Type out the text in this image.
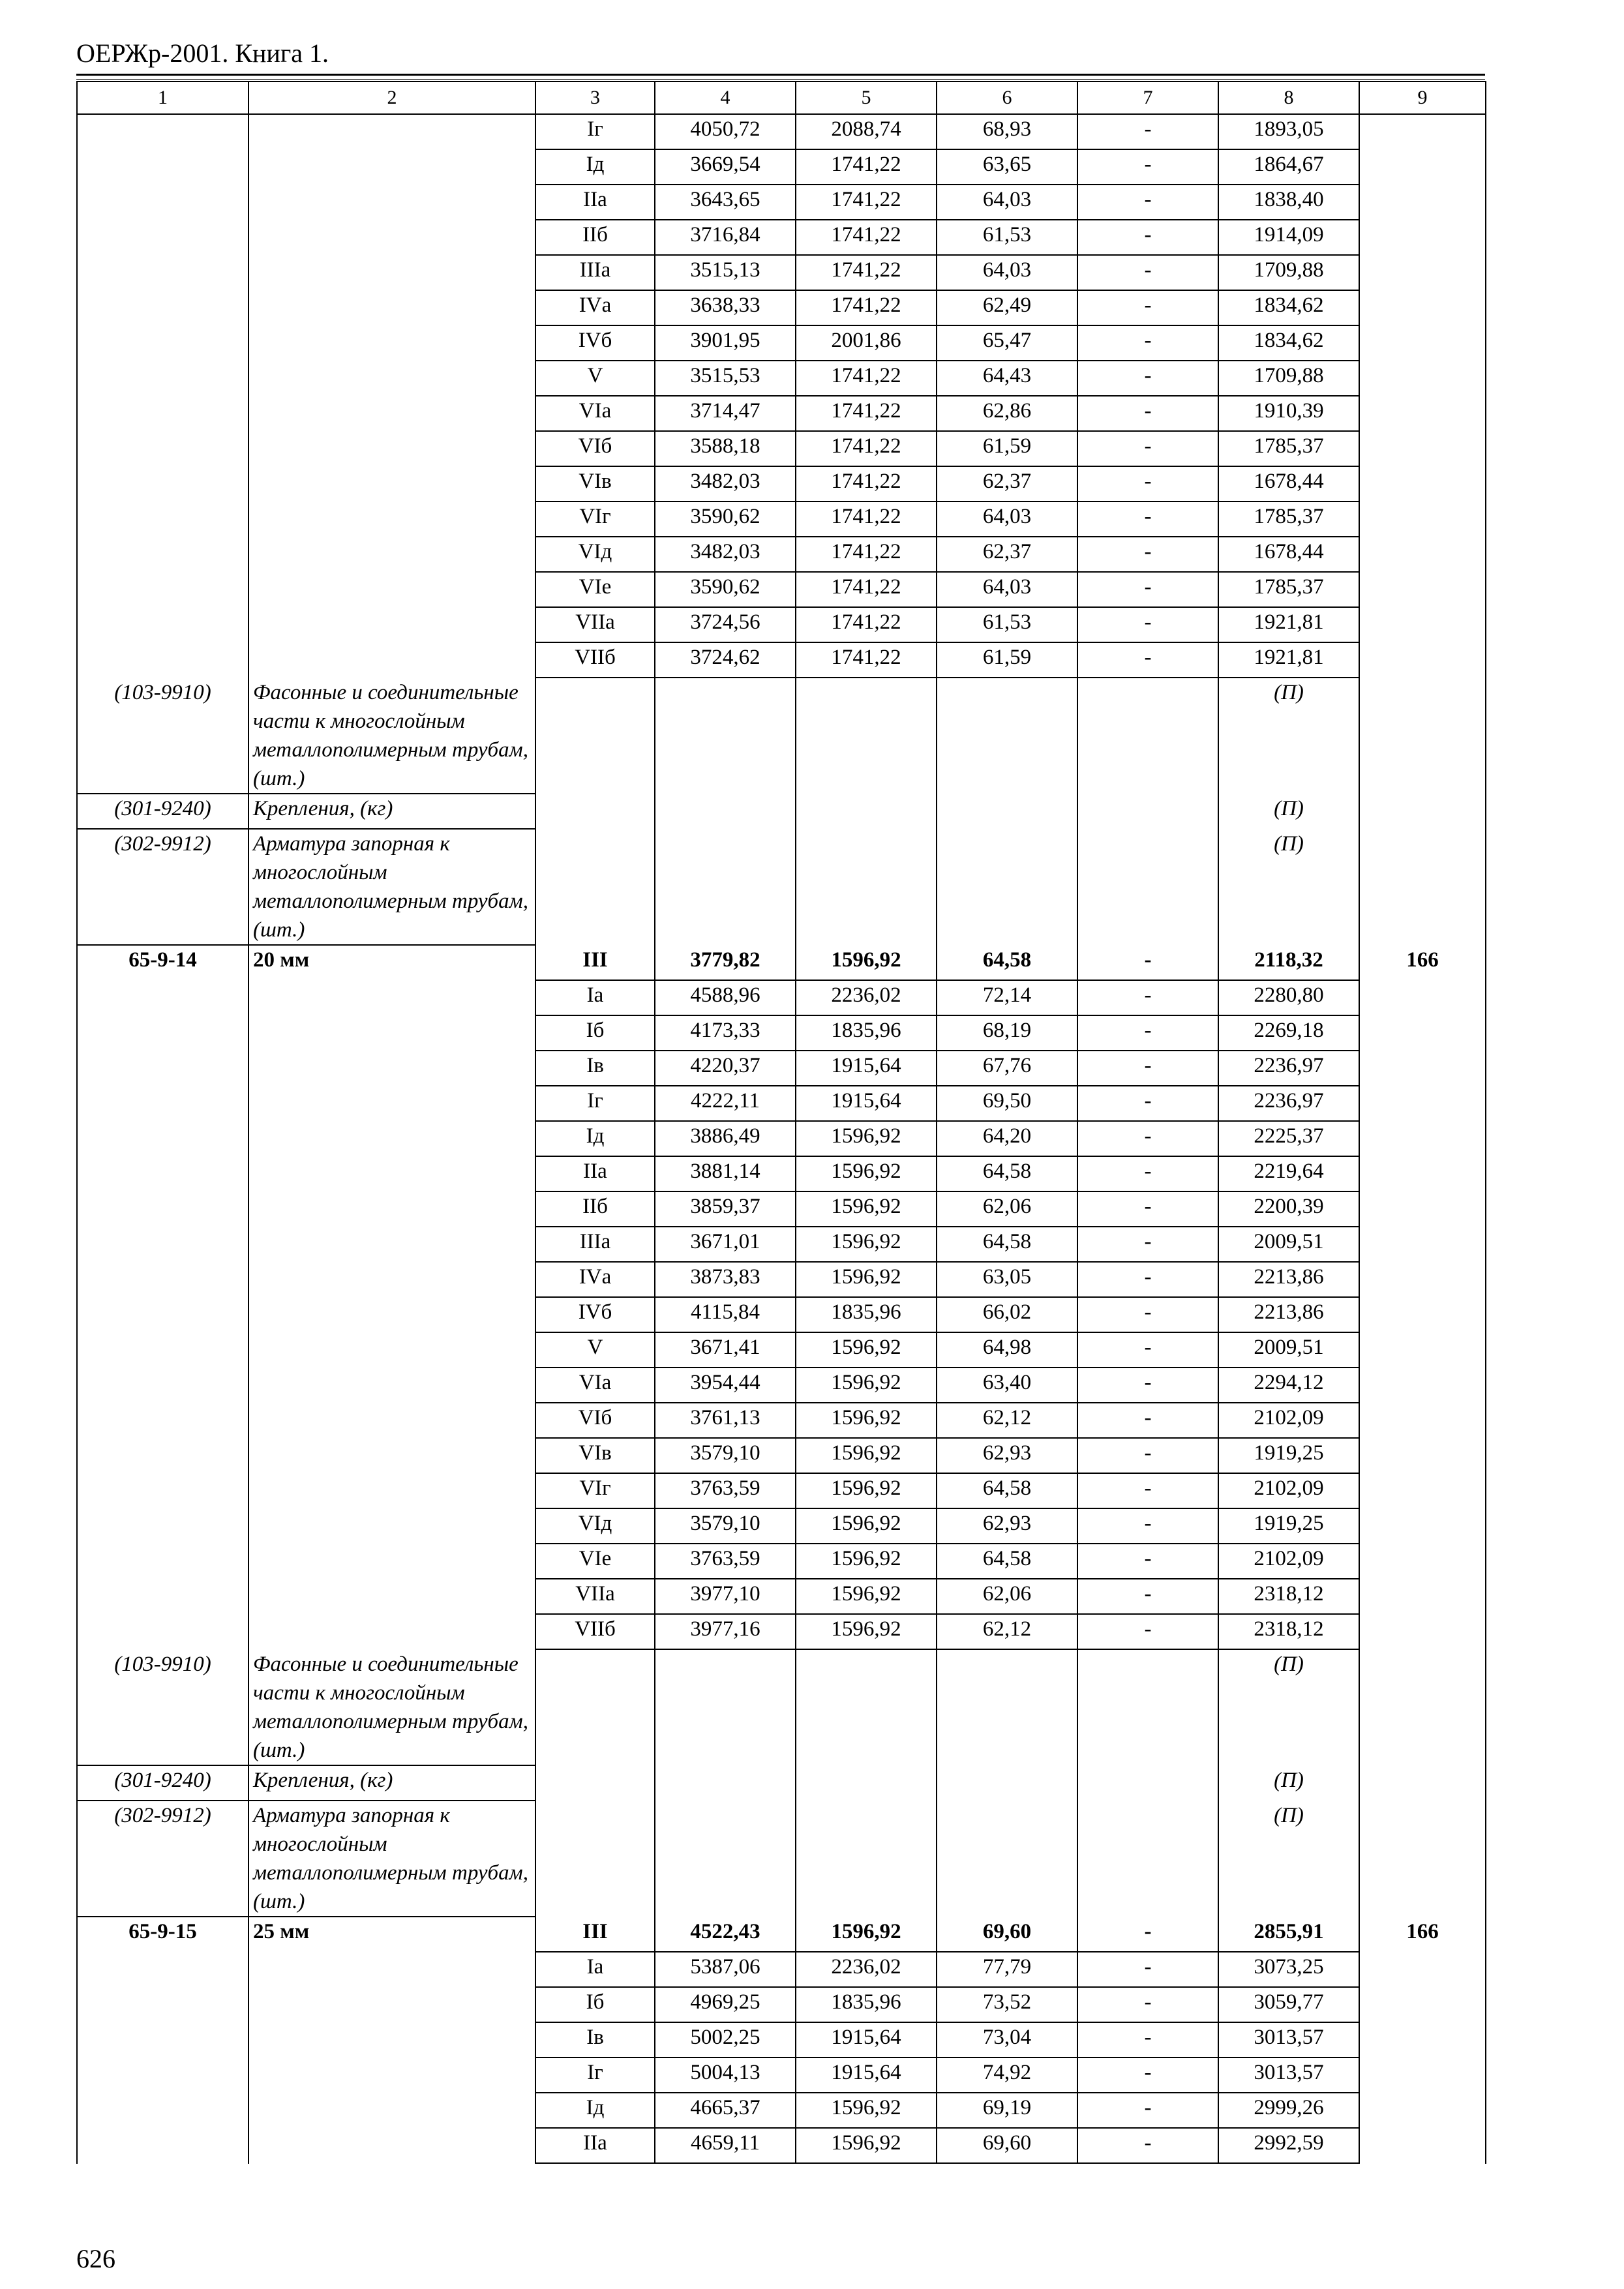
ОЕРЖр-2001. Книга 1.
1	2	3	4	5	6	7	8	9
		Iг	4050,72	2088,74	68,93	-	1893,05	
		Iд	3669,54	1741,22	63,65	-	1864,67	
		IIа	3643,65	1741,22	64,03	-	1838,40	
		IIб	3716,84	1741,22	61,53	-	1914,09	
		IIIа	3515,13	1741,22	64,03	-	1709,88	
		IVа	3638,33	1741,22	62,49	-	1834,62	
		IVб	3901,95	2001,86	65,47	-	1834,62	
		V	3515,53	1741,22	64,43	-	1709,88	
		VIа	3714,47	1741,22	62,86	-	1910,39	
		VIб	3588,18	1741,22	61,59	-	1785,37	
		VIв	3482,03	1741,22	62,37	-	1678,44	
		VIг	3590,62	1741,22	64,03	-	1785,37	
		VIд	3482,03	1741,22	62,37	-	1678,44	
		VIе	3590,62	1741,22	64,03	-	1785,37	
		VIIа	3724,56	1741,22	61,53	-	1921,81	
		VIIб	3724,62	1741,22	61,59	-	1921,81	
(103-9910)	Фасонные и соединительные части к многослойным металлополимерным трубам, (шт.)						(П)	
(301-9240)	Крепления, (кг)						(П)	
(302-9912)	Арматура запорная к многослойным металлополимерным трубам, (шт.)						(П)	
65-9-14	20 мм	III	3779,82	1596,92	64,58	-	2118,32	166
		Iа	4588,96	2236,02	72,14	-	2280,80	
		Iб	4173,33	1835,96	68,19	-	2269,18	
		Iв	4220,37	1915,64	67,76	-	2236,97	
		Iг	4222,11	1915,64	69,50	-	2236,97	
		Iд	3886,49	1596,92	64,20	-	2225,37	
		IIа	3881,14	1596,92	64,58	-	2219,64	
		IIб	3859,37	1596,92	62,06	-	2200,39	
		IIIа	3671,01	1596,92	64,58	-	2009,51	
		IVа	3873,83	1596,92	63,05	-	2213,86	
		IVб	4115,84	1835,96	66,02	-	2213,86	
		V	3671,41	1596,92	64,98	-	2009,51	
		VIа	3954,44	1596,92	63,40	-	2294,12	
		VIб	3761,13	1596,92	62,12	-	2102,09	
		VIв	3579,10	1596,92	62,93	-	1919,25	
		VIг	3763,59	1596,92	64,58	-	2102,09	
		VIд	3579,10	1596,92	62,93	-	1919,25	
		VIе	3763,59	1596,92	64,58	-	2102,09	
		VIIа	3977,10	1596,92	62,06	-	2318,12	
		VIIб	3977,16	1596,92	62,12	-	2318,12	
(103-9910)	Фасонные и соединительные части к многослойным металлополимерным трубам, (шт.)						(П)	
(301-9240)	Крепления, (кг)						(П)	
(302-9912)	Арматура запорная к многослойным металлополимерным трубам, (шт.)						(П)	
65-9-15	25 мм	III	4522,43	1596,92	69,60	-	2855,91	166
		Iа	5387,06	2236,02	77,79	-	3073,25	
		Iб	4969,25	1835,96	73,52	-	3059,77	
		Iв	5002,25	1915,64	73,04	-	3013,57	
		Iг	5004,13	1915,64	74,92	-	3013,57	
		Iд	4665,37	1596,92	69,19	-	2999,26	
		IIа	4659,11	1596,92	69,60	-	2992,59	
626
